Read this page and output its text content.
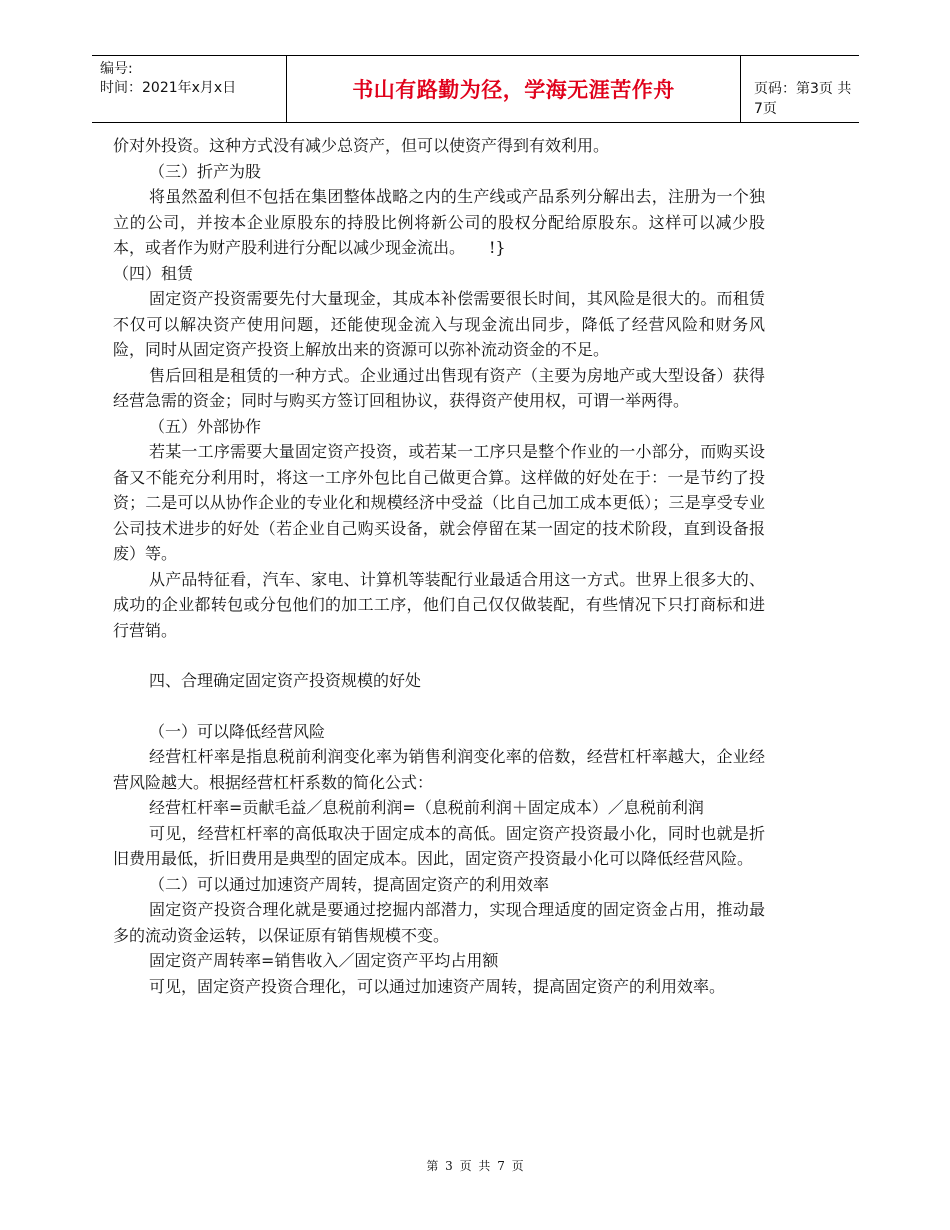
编号:
时间：2021年x月x日	书山有路勤为径，学海无涯苦作舟	页码：第3页 共7页

价对外投资。这种方式没有减少总资产，但可以使资产得到有效利用。

（三）折产为股

将虽然盈利但不包括在集团整体战略之内的生产线或产品系列分解出去，注册为一个独立的公司，并按本企业原股东的持股比例将新公司的股权分配给原股东。这样可以减少股本，或者作为财产股利进行分配以减少现金流出。　　!}

（四）租赁

固定资产投资需要先付大量现金，其成本补偿需要很长时间，其风险是很大的。而租赁不仅可以解决资产使用问题，还能使现金流入与现金流出同步，降低了经营风险和财务风险，同时从固定资产投资上解放出来的资源可以弥补流动资金的不足。

售后回租是租赁的一种方式。企业通过出售现有资产（主要为房地产或大型设备）获得经营急需的资金；同时与购买方签订回租协议，获得资产使用权，可谓一举两得。

（五）外部协作

若某一工序需要大量固定资产投资，或若某一工序只是整个作业的一小部分，而购买设备又不能充分利用时，将这一工序外包比自己做更合算。这样做的好处在于：一是节约了投资；二是可以从协作企业的专业化和规模经济中受益（比自己加工成本更低）；三是享受专业公司技术进步的好处（若企业自己购买设备，就会停留在某一固定的技术阶段，直到设备报废）等。

从产品特征看，汽车、家电、计算机等装配行业最适合用这一方式。世界上很多大的、成功的企业都转包或分包他们的加工工序，他们自己仅仅做装配，有些情况下只打商标和进行营销。

四、合理确定固定资产投资规模的好处

（一）可以降低经营风险

经营杠杆率是指息税前利润变化率为销售利润变化率的倍数，经营杠杆率越大，企业经营风险越大。根据经营杠杆系数的简化公式：

经营杠杆率=贡献毛益／息税前利润=（息税前利润＋固定成本）／息税前利润

可见，经营杠杆率的高低取决于固定成本的高低。固定资产投资最小化，同时也就是折旧费用最低，折旧费用是典型的固定成本。因此，固定资产投资最小化可以降低经营风险。

（二）可以通过加速资产周转，提高固定资产的利用效率

固定资产投资合理化就是要通过挖掘内部潜力，实现合理适度的固定资金占用，推动最多的流动资金运转，以保证原有销售规模不变。

固定资产周转率=销售收入／固定资产平均占用额

可见，固定资产投资合理化，可以通过加速资产周转，提高固定资产的利用效率。

第 3 页 共 7 页
